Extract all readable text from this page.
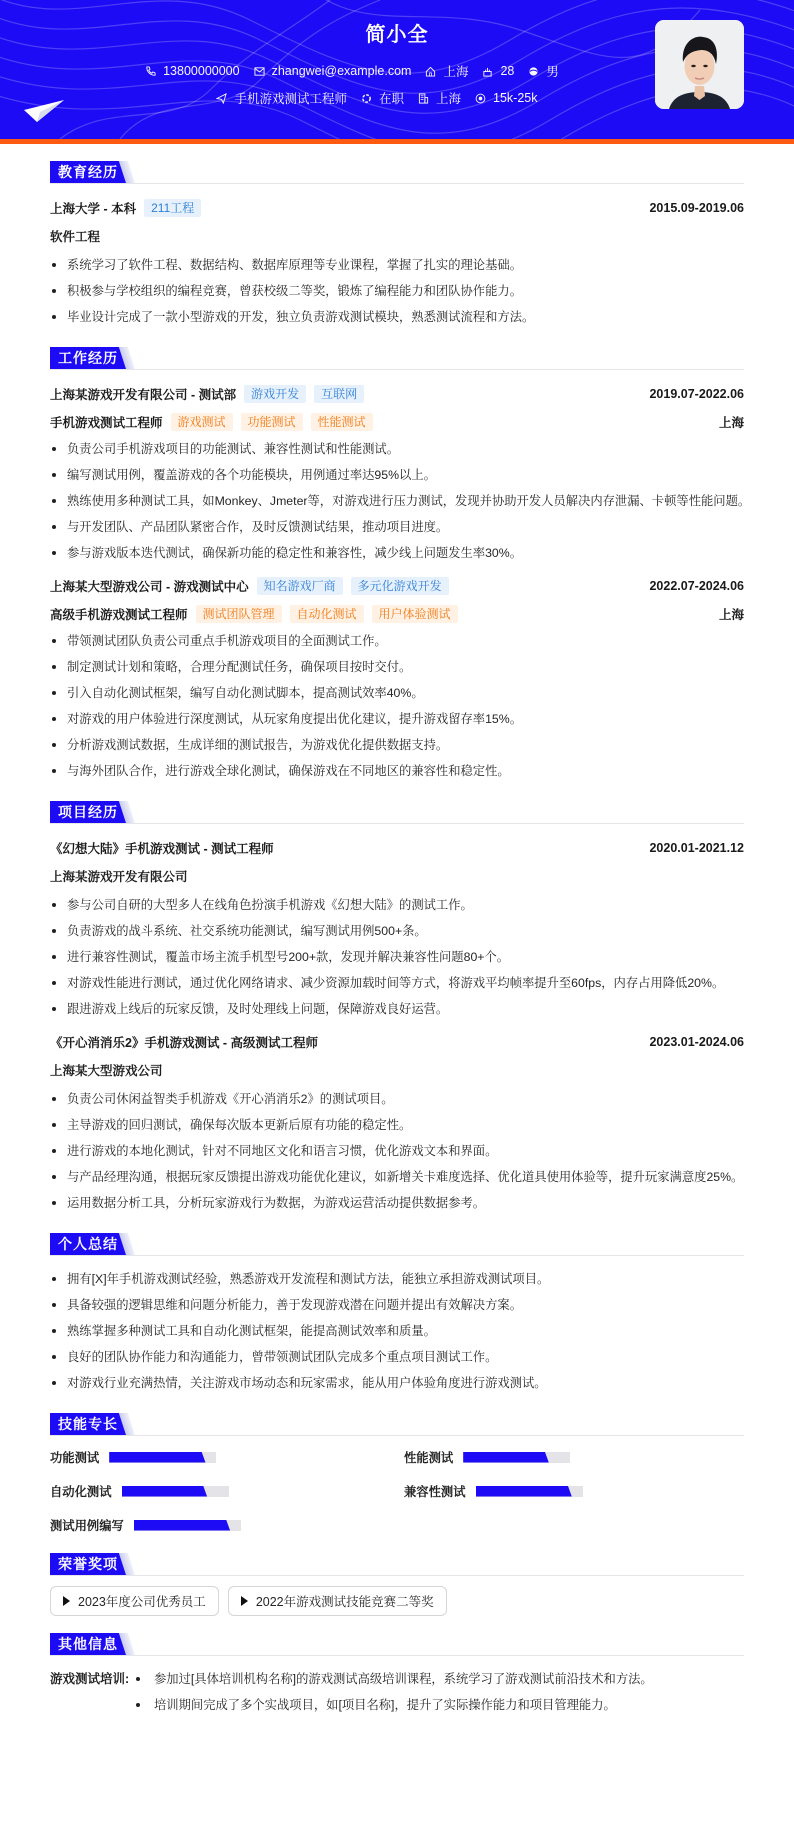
简小全
13800000000	zhangwei@example.com	上海	28	男
手机游戏测试工程师	在职	上海	15k-25k
教育经历
上海大学 - 本科	211工程	2015.09-2019.06
软件工程
系统学习了软件工程、数据结构、数据库原理等专业课程，掌握了扎实的理论基础。
积极参与学校组织的编程竞赛，曾获校级二等奖，锻炼了编程能力和团队协作能力。
毕业设计完成了一款小型游戏的开发，独立负责游戏测试模块，熟悉测试流程和方法。
工作经历
上海某游戏开发有限公司 - 测试部	游戏开发	互联网	2019.07-2022.06
手机游戏测试工程师	游戏测试	功能测试	性能测试	上海
负责公司手机游戏项目的功能测试、兼容性测试和性能测试。
编写测试用例，覆盖游戏的各个功能模块，用例通过率达95%以上。
熟练使用多种测试工具，如Monkey、Jmeter等，对游戏进行压力测试，发现并协助开发人员解决内存泄漏、卡顿等性能问题。
与开发团队、产品团队紧密合作，及时反馈测试结果，推动项目进度。
参与游戏版本迭代测试，确保新功能的稳定性和兼容性，减少线上问题发生率30%。
上海某大型游戏公司 - 游戏测试中心	知名游戏厂商	多元化游戏开发	2022.07-2024.06
高级手机游戏测试工程师	测试团队管理	自动化测试	用户体验测试	上海
带领测试团队负责公司重点手机游戏项目的全面测试工作。
制定测试计划和策略，合理分配测试任务，确保项目按时交付。
引入自动化测试框架，编写自动化测试脚本，提高测试效率40%。
对游戏的用户体验进行深度测试，从玩家角度提出优化建议，提升游戏留存率15%。
分析游戏测试数据，生成详细的测试报告，为游戏优化提供数据支持。
与海外团队合作，进行游戏全球化测试，确保游戏在不同地区的兼容性和稳定性。
项目经历
《幻想大陆》手机游戏测试 - 测试工程师	2020.01-2021.12
上海某游戏开发有限公司
参与公司自研的大型多人在线角色扮演手机游戏《幻想大陆》的测试工作。
负责游戏的战斗系统、社交系统功能测试，编写测试用例500+条。
进行兼容性测试，覆盖市场主流手机型号200+款，发现并解决兼容性问题80+个。
对游戏性能进行测试，通过优化网络请求、减少资源加载时间等方式，将游戏平均帧率提升至60fps，内存占用降低20%。
跟进游戏上线后的玩家反馈，及时处理线上问题，保障游戏良好运营。
《开心消消乐2》手机游戏测试 - 高级测试工程师	2023.01-2024.06
上海某大型游戏公司
负责公司休闲益智类手机游戏《开心消消乐2》的测试项目。
主导游戏的回归测试，确保每次版本更新后原有功能的稳定性。
进行游戏的本地化测试，针对不同地区文化和语言习惯，优化游戏文本和界面。
与产品经理沟通，根据玩家反馈提出游戏功能优化建议，如新增关卡难度选择、优化道具使用体验等，提升玩家满意度25%。
运用数据分析工具，分析玩家游戏行为数据，为游戏运营活动提供数据参考。
个人总结
拥有[X]年手机游戏测试经验，熟悉游戏开发流程和测试方法，能独立承担游戏测试项目。
具备较强的逻辑思维和问题分析能力，善于发现游戏潜在问题并提出有效解决方案。
熟练掌握多种测试工具和自动化测试框架，能提高测试效率和质量。
良好的团队协作能力和沟通能力，曾带领测试团队完成多个重点项目测试工作。
对游戏行业充满热情，关注游戏市场动态和玩家需求，能从用户体验角度进行游戏测试。
技能专长
功能测试	性能测试
自动化测试	兼容性测试
测试用例编写
荣誉奖项
2023年度公司优秀员工	2022年游戏测试技能竞赛二等奖
其他信息
游戏测试培训:	参加过[具体培训机构名称]的游戏测试高级培训课程，系统学习了游戏测试前沿技术和方法。
培训期间完成了多个实战项目，如[项目名称]，提升了实际操作能力和项目管理能力。
